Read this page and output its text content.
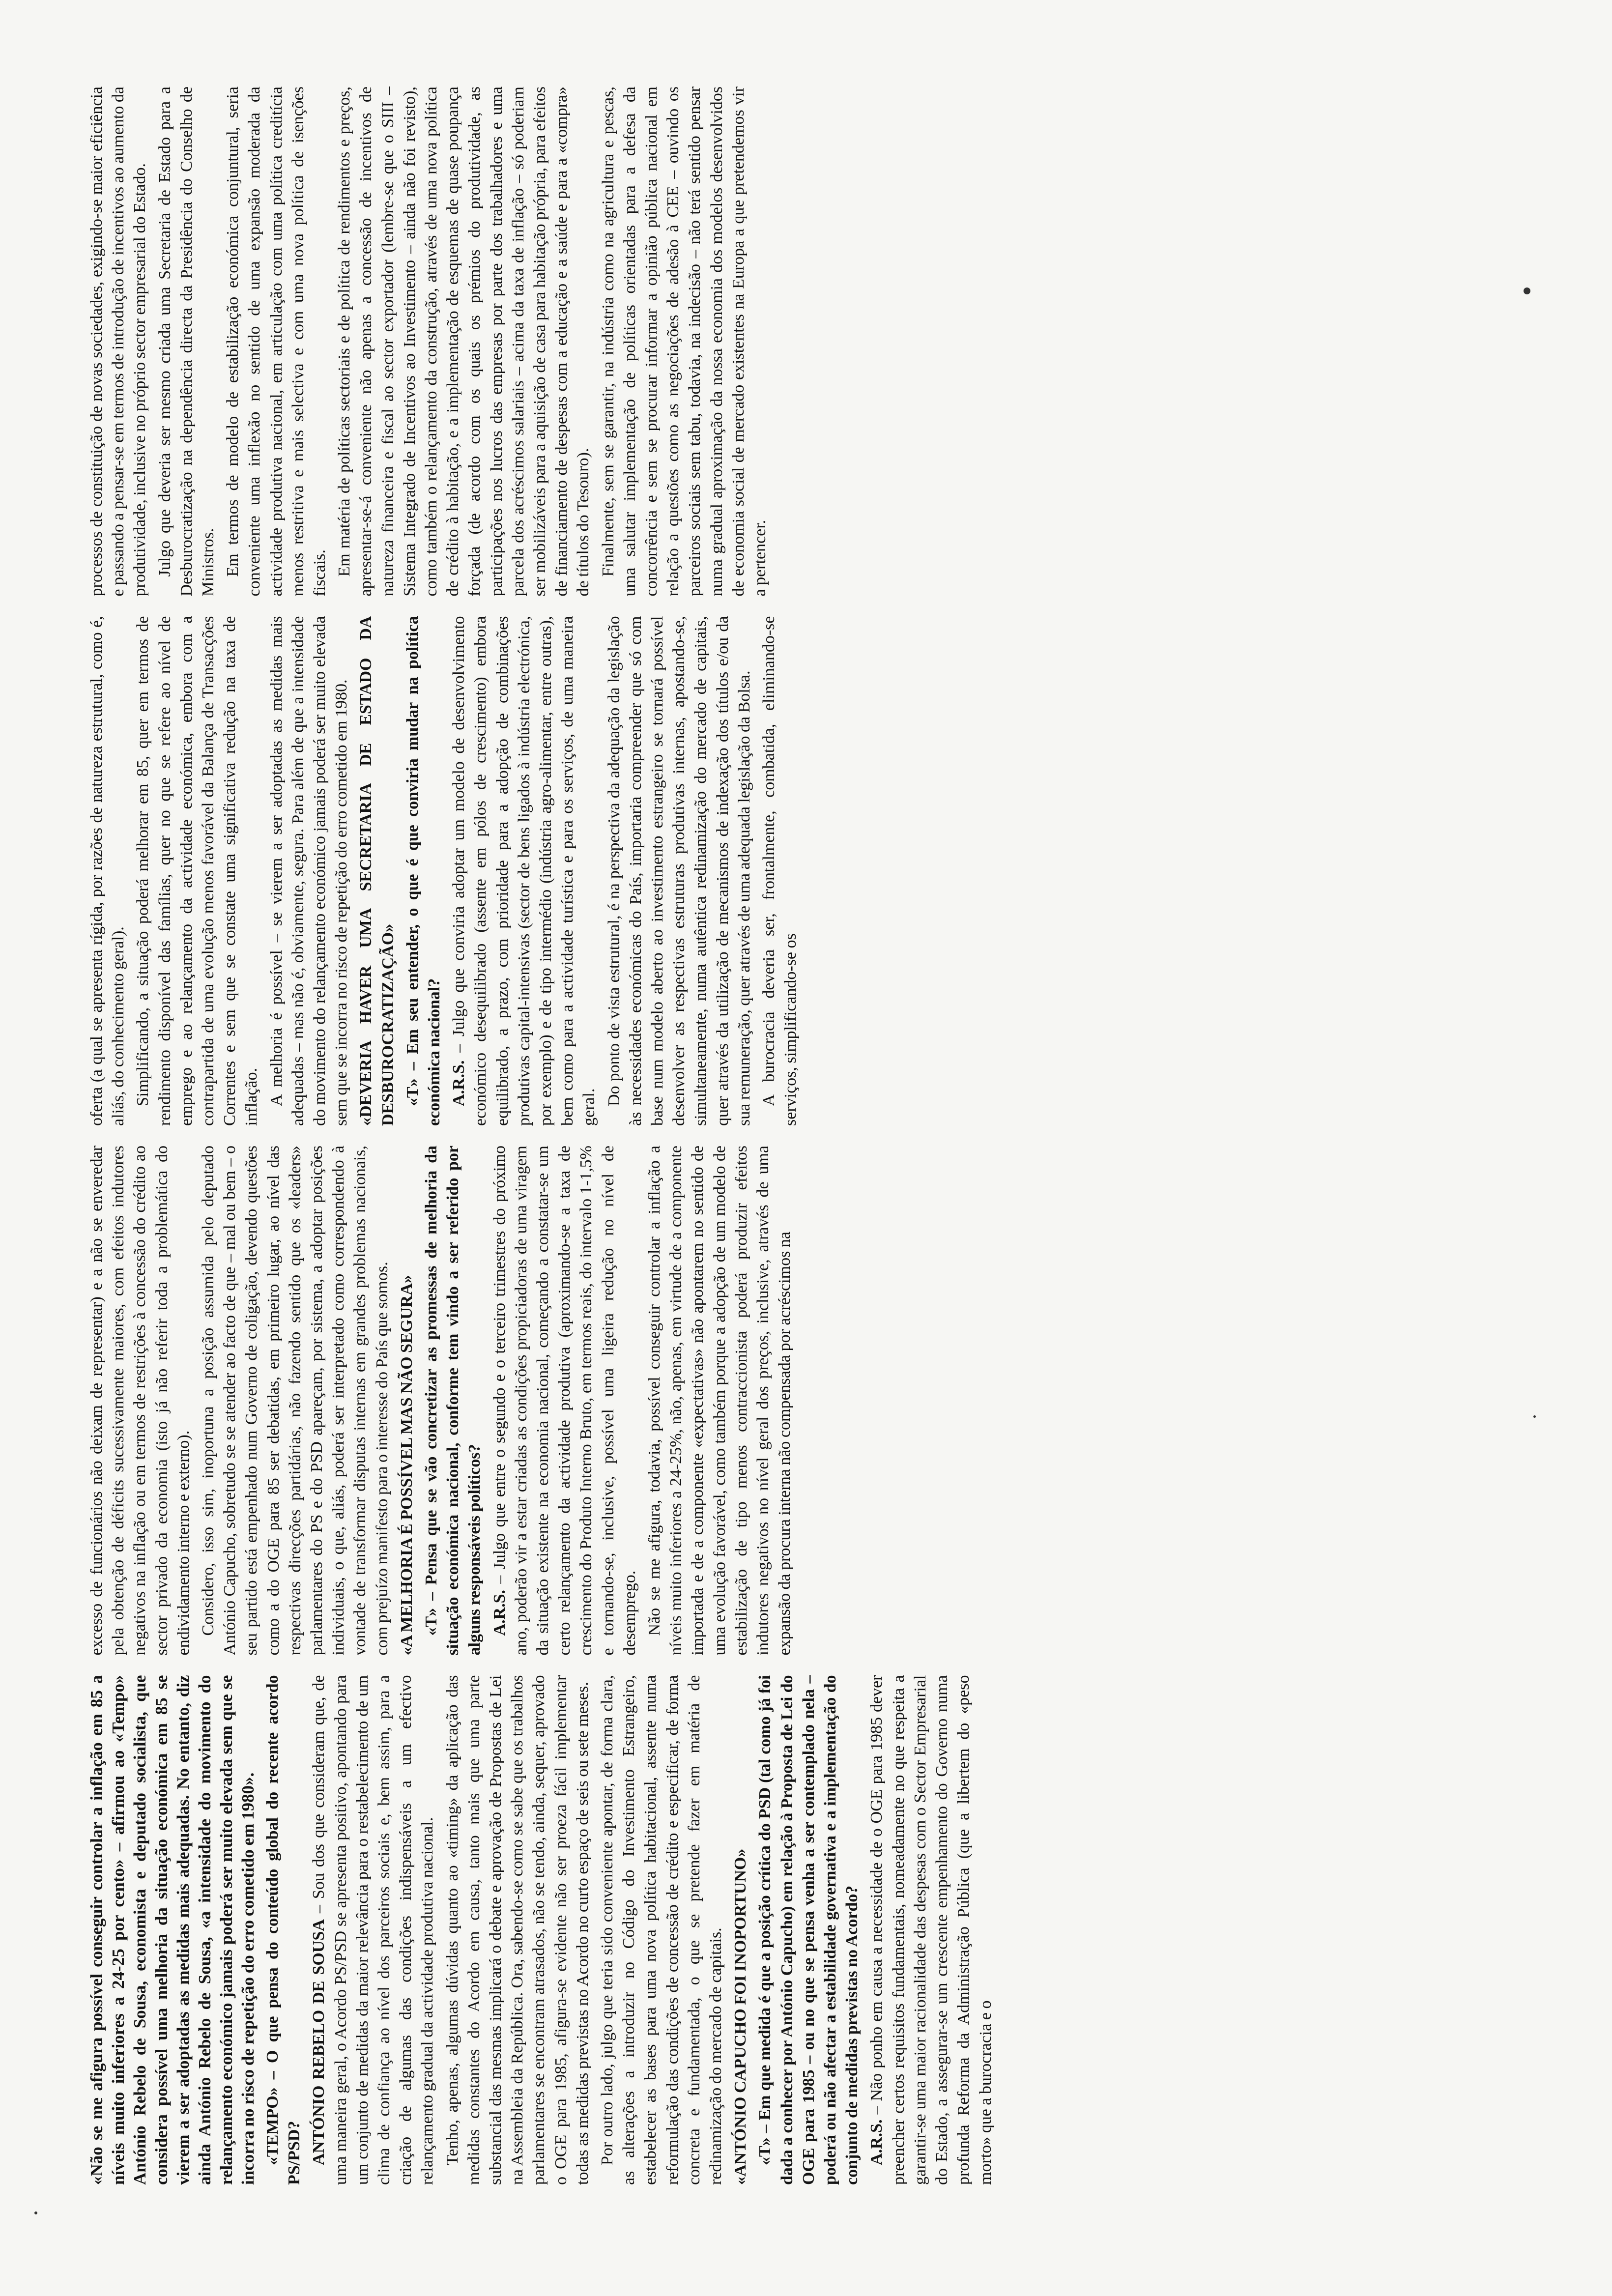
«Não se me afigura possível conseguir controlar a inflação em 85 a níveis muito inferiores a 24-25 por cento» – afirmou ao «Tempo» António Rebelo de Sousa, economista e deputado socialista, que considera possível uma melhoria da situação económica em 85 se vierem a ser adoptadas as medidas mais adequadas. No entanto, diz ainda António Rebelo de Sousa, «a intensidade do movimento do relançamento económico jamais poderá ser muito elevada sem que se incorra no risco de repetição do erro cometido em 1980». «TEMPO» – O que pensa do conteúdo global do recente acordo PS/PSD? ANTÓNIO REBELO DE SOUSA – Sou dos que consideram que, de uma maneira geral, o Acordo PS/PSD se apresenta positivo, apontando para um conjunto de medidas da maior relevância para o restabelecimento de um clima de confiança ao nível dos parceiros sociais e, bem assim, para a criação de algumas das condições indispensáveis a um efectivo relançamento gradual da actividade produtiva nacional. Tenho, apenas, algumas dúvidas quanto ao «timing» da aplicação das medidas constantes do Acordo em causa, tanto mais que uma parte substancial das mesmas implicará o debate e aprovação de Propostas de Lei na Assembleia da República. Ora, sabendo-se como se sabe que os trabalhos parlamentares se encontram atrasados, não se tendo, ainda, sequer, aprovado o OGE para 1985, afigura-se evidente não ser proeza fácil implementar todas as medidas previstas no Acordo no curto espaço de seis ou sete meses. Por outro lado, julgo que teria sido conveniente apontar, de forma clara, as alterações a introduzir no Código do Investimento Estrangeiro, estabelecer as bases para uma nova política habitacional, assente numa reformulação das condições de concessão de crédito e especificar, de forma concreta e fundamentada, o que se pretende fazer em matéria de redinamização do mercado de capitais. «ANTÓNIO CAPUCHO FOI INOPORTUNO» «T» – Em que medida é que a posição crítica do PSD (tal como já foi dada a conhecer por António Capucho) em relação à Proposta de Lei do OGE para 1985 – ou no que se pensa venha a ser contemplado nela – poderá ou não afectar a estabilidade governativa e a implementação do conjunto de medidas previstas no Acordo? A.R.S. – Não ponho em causa a necessidade de o OGE para 1985 dever preencher certos requisitos fundamentais, nomeadamente no que respeita a garantir-se uma maior racionalidade das despesas com o Sector Empresarial do Estado, a assegurar-se um crescente empenhamento do Governo numa profunda Reforma da Administração Pública (que a libertem do «peso morto» que a burocracia e o

excesso de funcionários não deixam de representar) e a não se enveredar pela obtenção de déficits sucessivamente maiores, com efeitos indutores negativos na inflação ou em termos de restrições à concessão do crédito ao sector privado da economia (isto já não referir toda a problemática do endividamento interno e externo). Considero, isso sim, inoportuna a posição assumida pelo deputado António Capucho, sobretudo se se atender ao facto de que – mal ou bem – o seu partido está empenhado num Governo de coligação, devendo questões como a do OGE para 85 ser debatidas, em primeiro lugar, ao nível das respectivas direcções partidárias, não fazendo sentido que os «leaders» parlamentares do PS e do PSD apareçam, por sistema, a adoptar posições individuais, o que, aliás, poderá ser interpretado como correspondendo à vontade de transformar disputas internas em grandes problemas nacionais, com prejuízo manifesto para o interesse do País que somos. «A MELHORIA É POSSÍVEL MAS NÃO SEGURA» «T» – Pensa que se vão concretizar as promessas de melhoria da situação económica nacional, conforme tem vindo a ser referido por alguns responsáveis políticos? A.R.S. – Julgo que entre o segundo e o terceiro trimestres do próximo ano, poderão vir a estar criadas as condições propiciadoras de uma viragem da situação existente na economia nacional, começando a constatar-se um certo relançamento da actividade produtiva (aproximando-se a taxa de crescimento do Produto Interno Bruto, em termos reais, do intervalo 1-1,5% e tornando-se, inclusive, possível uma ligeira redução no nível de desemprego. Não se me afigura, todavia, possível conseguir controlar a inflação a níveis muito inferiores a 24-25%, não, apenas, em virtude de a componente importada e de a componente «expectativas» não apontarem no sentido de uma evolução favorável, como também porque a adopção de um modelo de estabilização de tipo menos contraccionista poderá produzir efeitos indutores negativos no nível geral dos preços, inclusive, através de uma expansão da procura interna não compensada por acréscimos na

oferta (a qual se apresenta rígida, por razões de natureza estrutural, como é, aliás, do conhecimento geral). Simplificando, a situação poderá melhorar em 85, quer em termos de rendimento disponível das famílias, quer no que se refere ao nível de emprego e ao relançamento da actividade económica, embora com a contrapartida de uma evolução menos favorável da Balança de Transacções Correntes e sem que se constate uma significativa redução na taxa de inflação. A melhoria é possível – se vierem a ser adoptadas as medidas mais adequadas – mas não é, obviamente, segura. Para além de que a intensidade do movimento do relançamento económico jamais poderá ser muito elevada sem que se incorra no risco de repetição do erro cometido em 1980. «DEVERIA HAVER UMA SECRETARIA DE ESTADO DA DESBUROCRATIZAÇÃO» «T» – Em seu entender, o que é que conviria mudar na política económica nacional? A.R.S. – Julgo que conviria adoptar um modelo de desenvolvimento económico desequilibrado (assente em pólos de crescimento) embora equilibrado, a prazo, com prioridade para a adopção de combinações produtivas capital-intensivas (sector de bens ligados à indústria electrónica, por exemplo) e de tipo intermédio (indústria agro-alimentar, entre outras), bem como para a actividade turística e para os serviços, de uma maneira geral.

Do ponto de vista estrutural, é na perspectiva da adequação da legislação às necessidades económicas do País, importaria compreender que só com base num modelo aberto ao investimento estrangeiro se tornará possível desenvolver as respectivas estruturas produtivas internas, apostando-se, simultaneamente, numa autêntica redinamização do mercado de capitais, quer através da utilização de mecanismos de indexação dos títulos e/ou da sua remuneração, quer através de uma adequada legislação da Bolsa. A burocracia deveria ser, frontalmente, combatida, eliminando-se serviços, simplificando-se os

processos de constituição de novas sociedades, exigindo-se maior eficiência e passando a pensar-se em termos de introdução de incentivos ao aumento da produtividade, inclusive no próprio sector empresarial do Estado. Julgo que deveria ser mesmo criada uma Secretaria de Estado para a Desburocratização na dependência directa da Presidência do Conselho de Ministros. Em termos de modelo de estabilização económica conjuntural, seria conveniente uma inflexão no sentido de uma expansão moderada da actividade produtiva nacional, em articulação com uma política creditícia menos restritiva e mais selectiva e com uma nova política de isenções fiscais. Em matéria de políticas sectoriais e de política de rendimentos e preços, apresentar-se-á conveniente não apenas a concessão de incentivos de natureza financeira e fiscal ao sector exportador (lembre-se que o SIII – Sistema Integrado de Incentivos ao Investimento – ainda não foi revisto), como também o relançamento da construção, através de uma nova política de crédito à habitação, e a implementação de esquemas de quase poupança forçada (de acordo com os quais os prémios do produtividade, as participações nos lucros das empresas por parte dos trabalhadores e uma parcela dos acréscimos salariais – acima da taxa de inflação – só poderiam ser mobilizáveis para a aquisição de casa para habitação própria, para efeitos de financiamento de despesas com a educação e a saúde e para a «compra» de títulos do Tesouro). Finalmente, sem se garantir, na indústria como na agricultura e pescas, uma salutar implementação de políticas orientadas para a defesa da concorrência e sem se procurar informar a opinião pública nacional em relação a questões como as negociações de adesão à CEE – ouvindo os parceiros sociais sem tabu, todavia, na indecisão – não terá sentido pensar numa gradual aproximação da nossa economia dos modelos desenvolvidos de economia social de mercado existentes na Europa a que pretendemos vir a pertencer.
